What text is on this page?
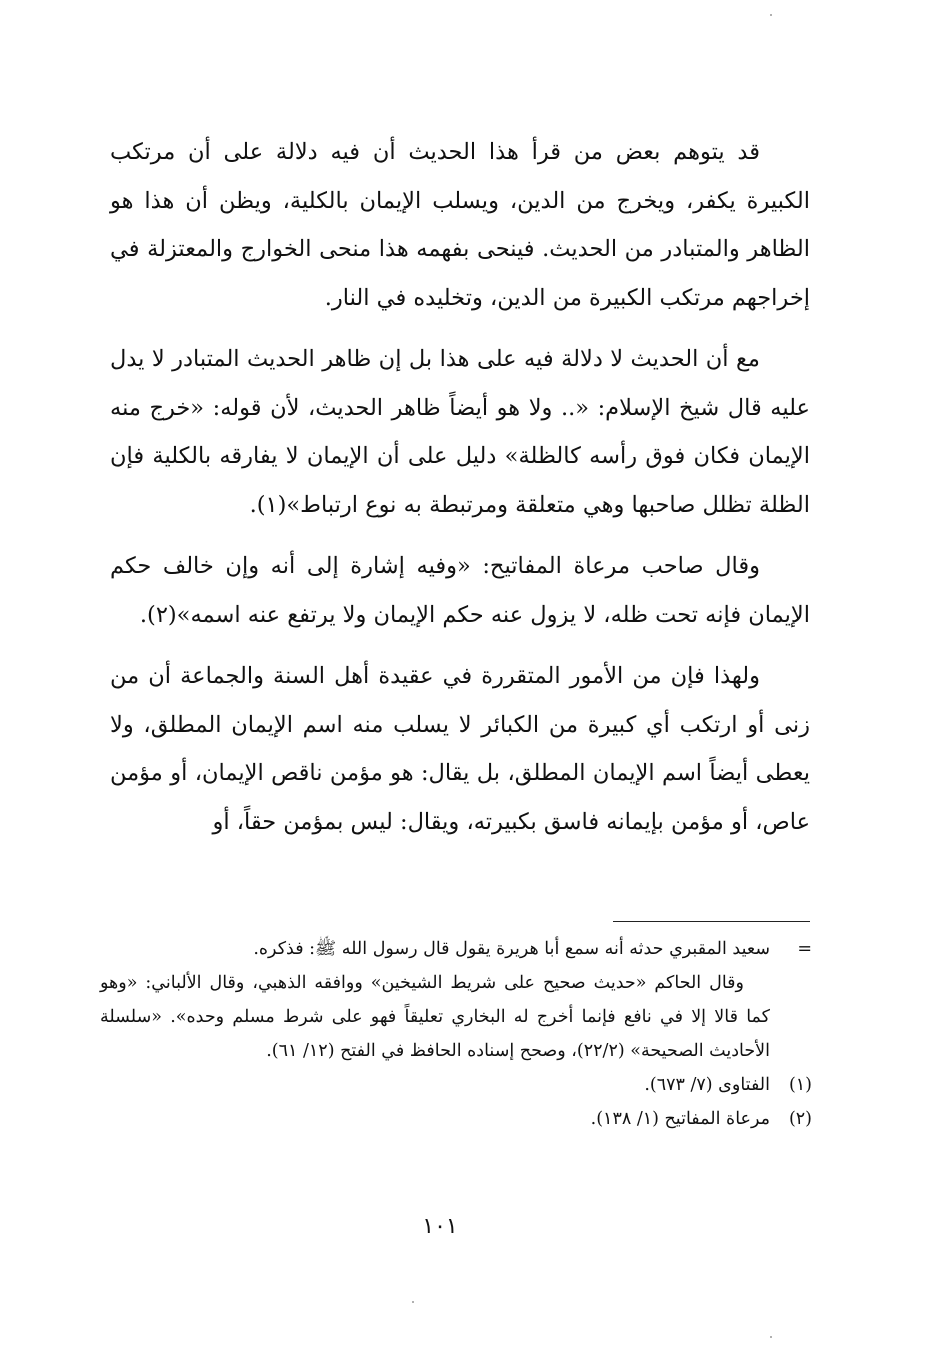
قد يتوهم بعض من قرأ هذا الحديث أن فيه دلالة على أن مرتكب الكبيرة يكفر، ويخرج من الدين، ويسلب الإيمان بالكلية، ويظن أن هذا هو الظاهر والمتبادر من الحديث. فينحى بفهمه هذا منحى الخوارج والمعتزلة في إخراجهم مرتكب الكبيرة من الدين، وتخليده في النار.

مع أن الحديث لا دلالة فيه على هذا بل إن ظاهر الحديث المتبادر لا يدل عليه قال شيخ الإسلام: «.. ولا هو أيضاً ظاهر الحديث، لأن قوله: «خرج منه الإيمان فكان فوق رأسه كالظلة» دليل على أن الإيمان لا يفارقه بالكلية فإن الظلة تظلل صاحبها وهي متعلقة ومرتبطة به نوع ارتباط»(١).

وقال صاحب مرعاة المفاتيح: «وفيه إشارة إلى أنه وإن خالف حكم الإيمان فإنه تحت ظله، لا يزول عنه حكم الإيمان ولا يرتفع عنه اسمه»(٢).

ولهذا فإن من الأمور المتقررة في عقيدة أهل السنة والجماعة أن من زنى أو ارتكب أي كبيرة من الكبائر لا يسلب منه اسم الإيمان المطلق، ولا يعطى أيضاً اسم الإيمان المطلق، بل يقال: هو مؤمن ناقص الإيمان، أو مؤمن عاص، أو مؤمن بإيمانه فاسق بكبيرته، ويقال: ليس بمؤمن حقاً، أو

=
سعيد المقبري حدثه أنه سمع أبا هريرة يقول قال رسول الله ﷺ: فذكره.
وقال الحاكم «حديث صحيح على شريط الشيخين» ووافقه الذهبي، وقال الألباني: «وهو كما قالا إلا في نافع فإنما أخرج له البخاري تعليقاً فهو على شرط مسلم وحده». «سلسلة الأحاديث الصحيحة» (٢٢/٢)، وصحح إسناده الحافظ في الفتح (١٢/ ٦١).
(١)
الفتاوى (٧/ ٦٧٣).
(٢)
مرعاة المفاتيح (١/ ١٣٨).
١٠١
